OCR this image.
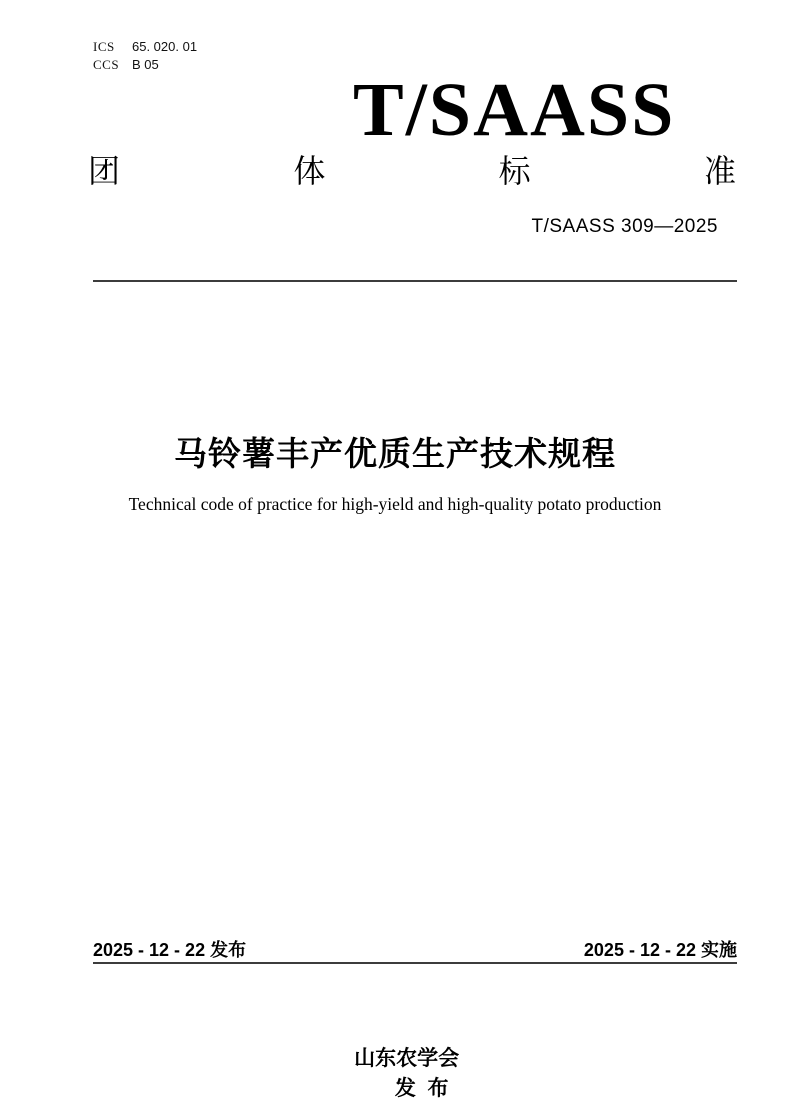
ICS	65. 020. 01
CCS B 05
T/SAASS
团	体	标	准
T/SAASS 309—2025
马铃薯丰产优质生产技术规程
Technical code of practice for high-yield and high-quality potato production
2025 - 12 - 22 发布	2025 - 12 - 22 实施

山东农学会
发  布
